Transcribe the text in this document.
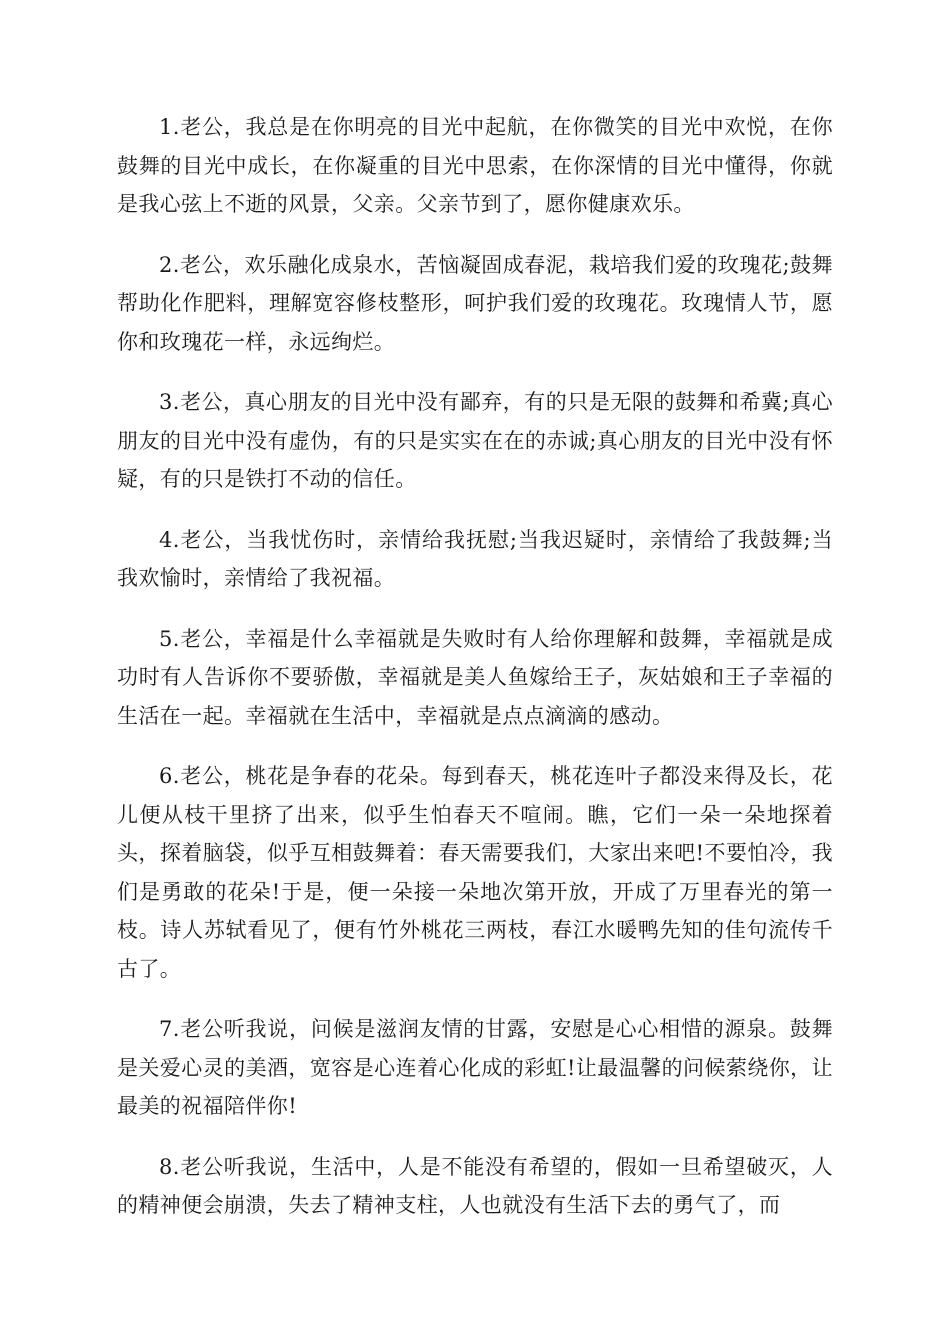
1.老公，我总是在你明亮的目光中起航，在你微笑的目光中欢悦，在你鼓舞的目光中成长，在你凝重的目光中思索，在你深情的目光中懂得，你就是我心弦上不逝的风景，父亲。父亲节到了，愿你健康欢乐。

2.老公，欢乐融化成泉水，苦恼凝固成春泥，栽培我们爱的玫瑰花;鼓舞帮助化作肥料，理解宽容修枝整形，呵护我们爱的玫瑰花。玫瑰情人节，愿你和玫瑰花一样，永远绚烂。

3.老公，真心朋友的目光中没有鄙弃，有的只是无限的鼓舞和希冀;真心朋友的目光中没有虚伪，有的只是实实在在的赤诚;真心朋友的目光中没有怀疑，有的只是铁打不动的信任。

4.老公，当我忧伤时，亲情给我抚慰;当我迟疑时，亲情给了我鼓舞;当我欢愉时，亲情给了我祝福。

5.老公，幸福是什么幸福就是失败时有人给你理解和鼓舞，幸福就是成功时有人告诉你不要骄傲，幸福就是美人鱼嫁给王子，灰姑娘和王子幸福的生活在一起。幸福就在生活中，幸福就是点点滴滴的感动。

6.老公，桃花是争春的花朵。每到春天，桃花连叶子都没来得及长，花儿便从枝干里挤了出来，似乎生怕春天不喧闹。瞧，它们一朵一朵地探着头，探着脑袋，似乎互相鼓舞着：春天需要我们，大家出来吧!不要怕冷，我们是勇敢的花朵!于是，便一朵接一朵地次第开放，开成了万里春光的第一枝。诗人苏轼看见了，便有竹外桃花三两枝，春江水暖鸭先知的佳句流传千古了。

7.老公听我说，问候是滋润友情的甘露，安慰是心心相惜的源泉。鼓舞是关爱心灵的美酒，宽容是心连着心化成的彩虹!让最温馨的问候萦绕你，让最美的祝福陪伴你!

8.老公听我说，生活中，人是不能没有希望的，假如一旦希望破灭，人的精神便会崩溃，失去了精神支柱，人也就没有生活下去的勇气了，而
